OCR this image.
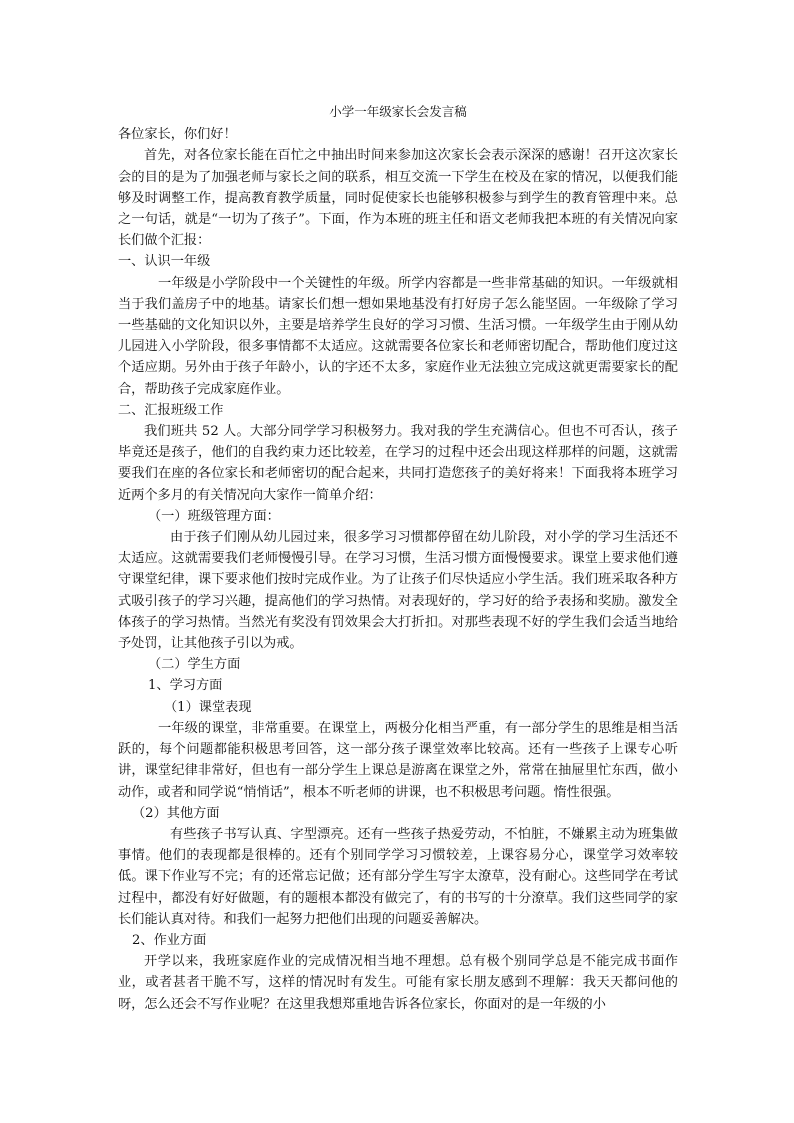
小学一年级家长会发言稿

各位家长，你们好！

首先，对各位家长能在百忙之中抽出时间来参加这次家长会表示深深的感谢！召开这次家长会的目的是为了加强老师与家长之间的联系，相互交流一下学生在校及在家的情况，以便我们能够及时调整工作，提高教育教学质量，同时促使家长也能够积极参与到学生的教育管理中来。总之一句话，就是“一切为了孩子”。下面，作为本班的班主任和语文老师我把本班的有关情况向家长们做个汇报：

一、认识一年级

一年级是小学阶段中一个关键性的年级。所学内容都是一些非常基础的知识。一年级就相当于我们盖房子中的地基。请家长们想一想如果地基没有打好房子怎么能坚固。一年级除了学习一些基础的文化知识以外，主要是培养学生良好的学习习惯、生活习惯。一年级学生由于刚从幼儿园进入小学阶段，很多事情都不太适应。这就需要各位家长和老师密切配合，帮助他们度过这个适应期。另外由于孩子年龄小，认的字还不太多，家庭作业无法独立完成这就更需要家长的配合，帮助孩子完成家庭作业。

二、汇报班级工作

我们班共 52 人。大部分同学学习积极努力。我对我的学生充满信心。但也不可否认，孩子毕竟还是孩子，他们的自我约束力还比较差，在学习的过程中还会出现这样那样的问题，这就需要我们在座的各位家长和老师密切的配合起来，共同打造您孩子的美好将来！下面我将本班学习近两个多月的有关情况向大家作一简单介绍：

（一）班级管理方面：

由于孩子们刚从幼儿园过来，很多学习习惯都停留在幼儿阶段，对小学的学习生活还不太适应。这就需要我们老师慢慢引导。在学习习惯，生活习惯方面慢慢要求。课堂上要求他们遵守课堂纪律，课下要求他们按时完成作业。为了让孩子们尽快适应小学生活。我们班采取各种方式吸引孩子的学习兴趣，提高他们的学习热情。对表现好的，学习好的给予表扬和奖励。激发全体孩子的学习热情。当然光有奖没有罚效果会大打折扣。对那些表现不好的学生我们会适当地给予处罚，让其他孩子引以为戒。

（二）学生方面

1、学习方面

（1）课堂表现

一年级的课堂，非常重要。在课堂上，两极分化相当严重，有一部分学生的思维是相当活跃的，每个问题都能积极思考回答，这一部分孩子课堂效率比较高。还有一些孩子上课专心听讲，课堂纪律非常好，但也有一部分学生上课总是游离在课堂之外，常常在抽屉里忙东西，做小动作，或者和同学说“悄悄话”，根本不听老师的讲课，也不积极思考问题。惰性很强。

（2）其他方面

有些孩子书写认真、字型漂亮。还有一些孩子热爱劳动，不怕脏，不嫌累主动为班集做事情。他们的表现都是很棒的。还有个别同学学习习惯较差，上课容易分心，课堂学习效率较低。课下作业写不完；有的还常忘记做；还有部分学生写字太潦草，没有耐心。这些同学在考试过程中，都没有好好做题，有的题根本都没有做完了，有的书写的十分潦草。我们这些同学的家长们能认真对待。和我们一起努力把他们出现的问题妥善解决。

2、作业方面

开学以来，我班家庭作业的完成情况相当地不理想。总有极个别同学总是不能完成书面作业，或者甚者干脆不写，这样的情况时有发生。可能有家长朋友感到不理解：我天天都问他的呀，怎么还会不写作业呢？在这里我想郑重地告诉各位家长，你面对的是一年级的小
